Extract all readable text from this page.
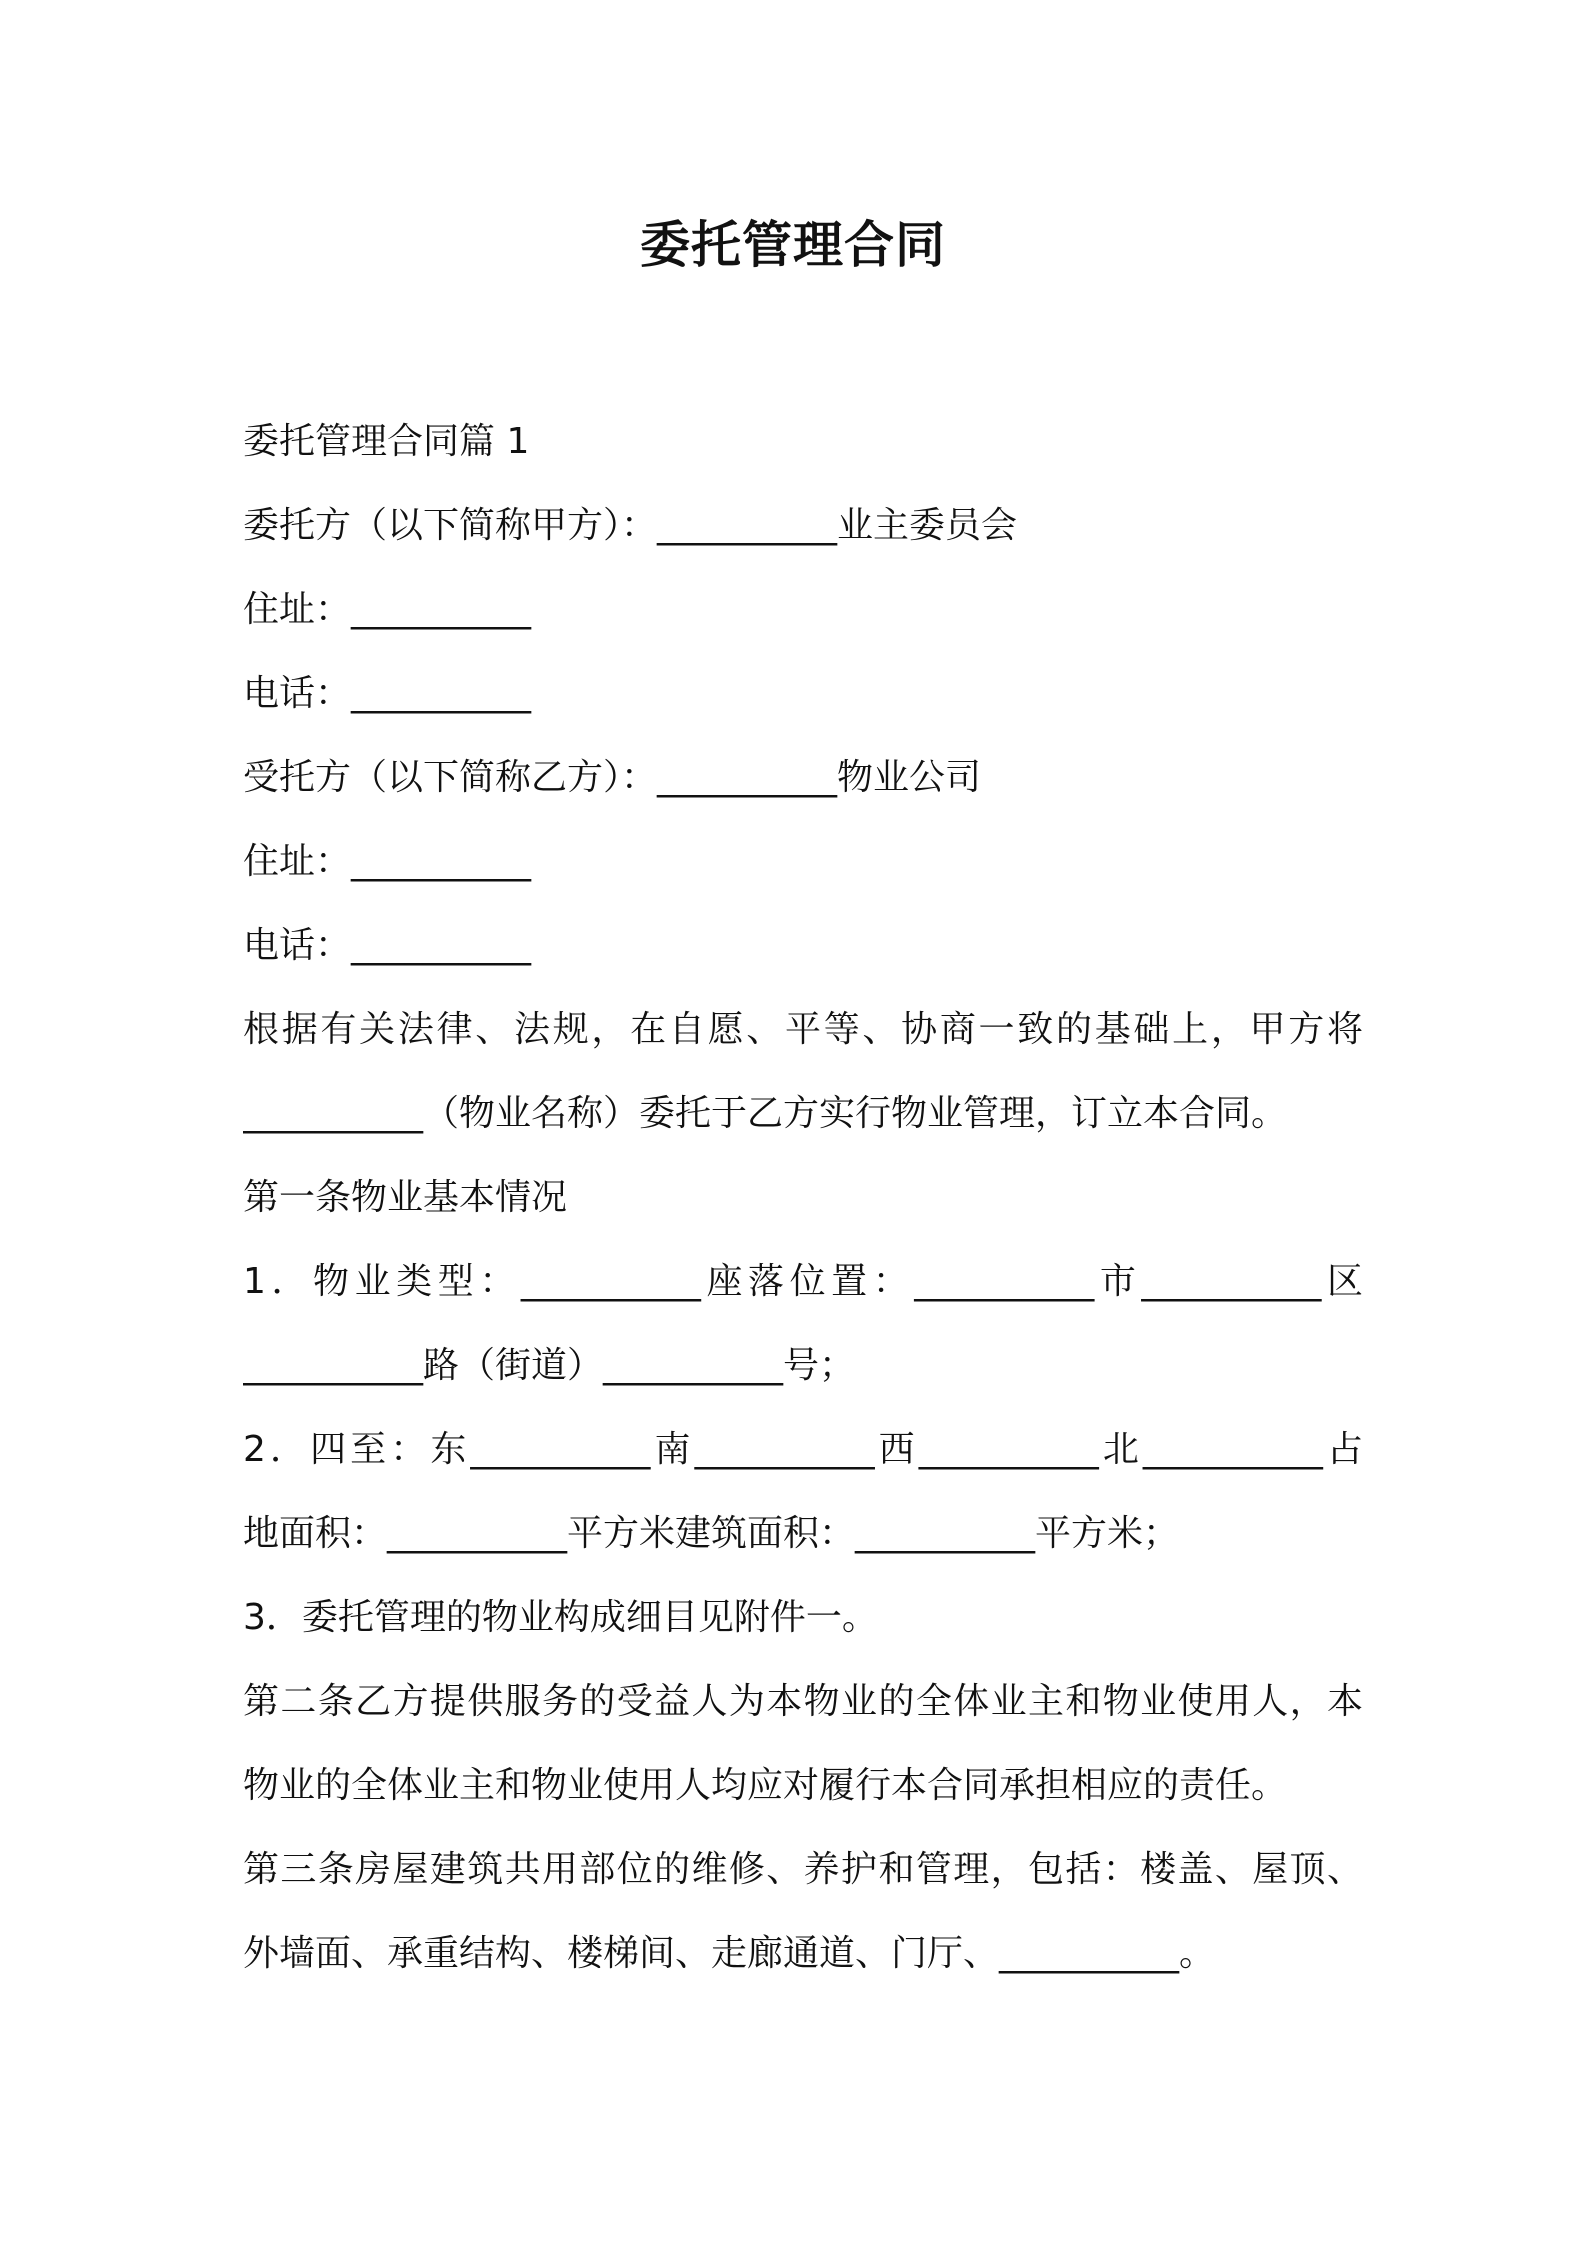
委托管理合同
委托管理合同篇 1
委托方（以下简称甲方）：__________业主委员会
住址：__________
电话：__________
受托方（以下简称乙方）：__________物业公司
住址：__________
电话：__________
根据有关法律、法规，在自愿、平等、协商一致的基础上，甲方将
__________（物业名称）委托于乙方实行物业管理，订立本合同。
第一条物业基本情况
1．物业类型：__________座落位置：__________市__________区
__________路（街道）__________号；
2．四至：东__________南__________西__________北__________占
地面积：__________平方米建筑面积：__________平方米；
3．委托管理的物业构成细目见附件一。
第二条乙方提供服务的受益人为本物业的全体业主和物业使用人，本
物业的全体业主和物业使用人均应对履行本合同承担相应的责任。
第三条房屋建筑共用部位的维修、养护和管理，包括：楼盖、屋顶、
外墙面、承重结构、楼梯间、走廊通道、门厅、__________。
